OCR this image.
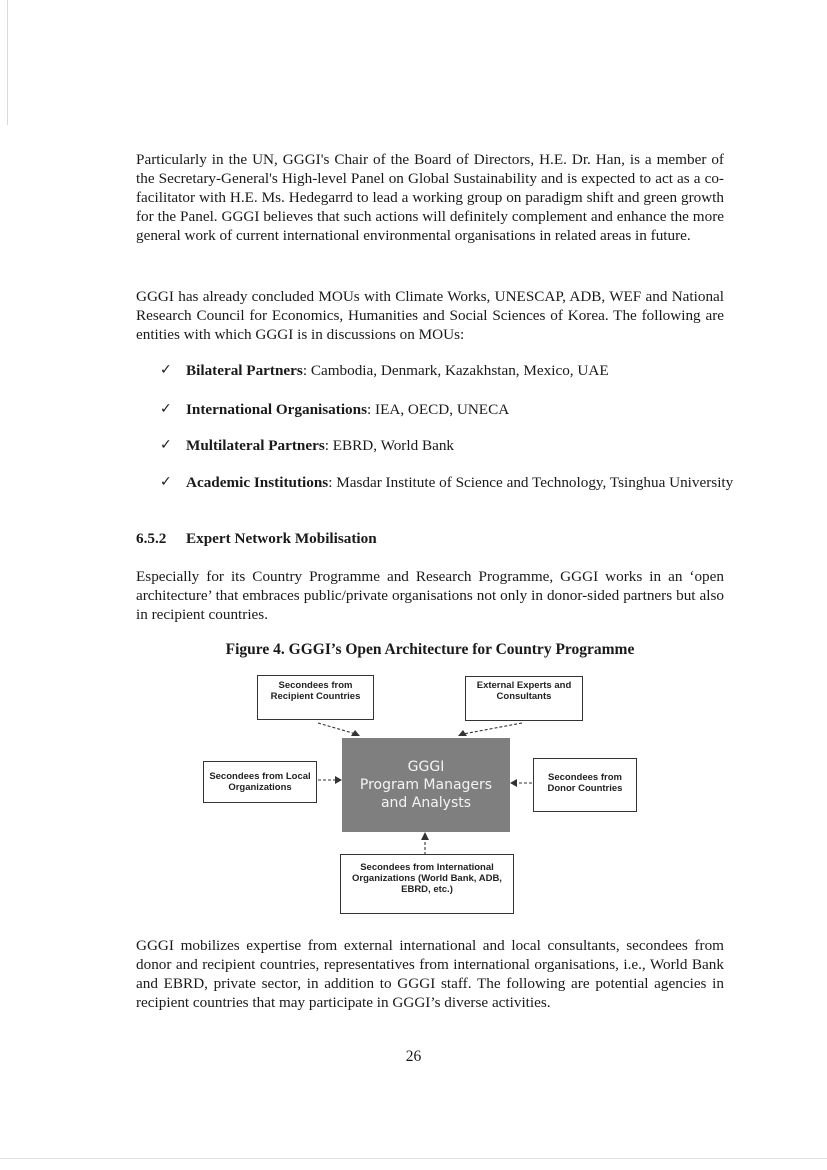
Particularly in the UN, GGGI's Chair of the Board of Directors, H.E. Dr. Han, is a member of the Secretary-General's High-level Panel on Global Sustainability and is expected to act as a co-facilitator with H.E. Ms. Hedegarrd to lead a working group on paradigm shift and green growth for the Panel. GGGI believes that such actions will definitely complement and enhance the more general work of current international environmental organisations in related areas in future.

GGGI has already concluded MOUs with Climate Works, UNESCAP, ADB, WEF and National Research Council for Economics, Humanities and Social Sciences of Korea. The following are entities with which GGGI is in discussions on MOUs:

✓ Bilateral Partners: Cambodia, Denmark, Kazakhstan, Mexico, UAE
✓ International Organisations: IEA, OECD, UNECA
✓ Multilateral Partners: EBRD, World Bank
✓ Academic Institutions: Masdar Institute of Science and Technology, Tsinghua University
6.5.2 Expert Network Mobilisation

Especially for its Country Programme and Research Programme, GGGI works in an ‘open architecture’ that embraces public/private organisations not only in donor-sided partners but also in recipient countries.

Figure 4. GGGI’s Open Architecture for Country Programme
Secondees from Recipient Countries
External Experts and Consultants
Secondees from Local Organizations
GGGI
Program Managers
and Analysts
Secondees from Donor Countries
Secondees from International Organizations (World Bank, ADB, EBRD, etc.)

GGGI mobilizes expertise from external international and local consultants, secondees from donor and recipient countries, representatives from international organisations, i.e., World Bank and EBRD, private sector, in addition to GGGI staff. The following are potential agencies in recipient countries that may participate in GGGI’s diverse activities.

26
